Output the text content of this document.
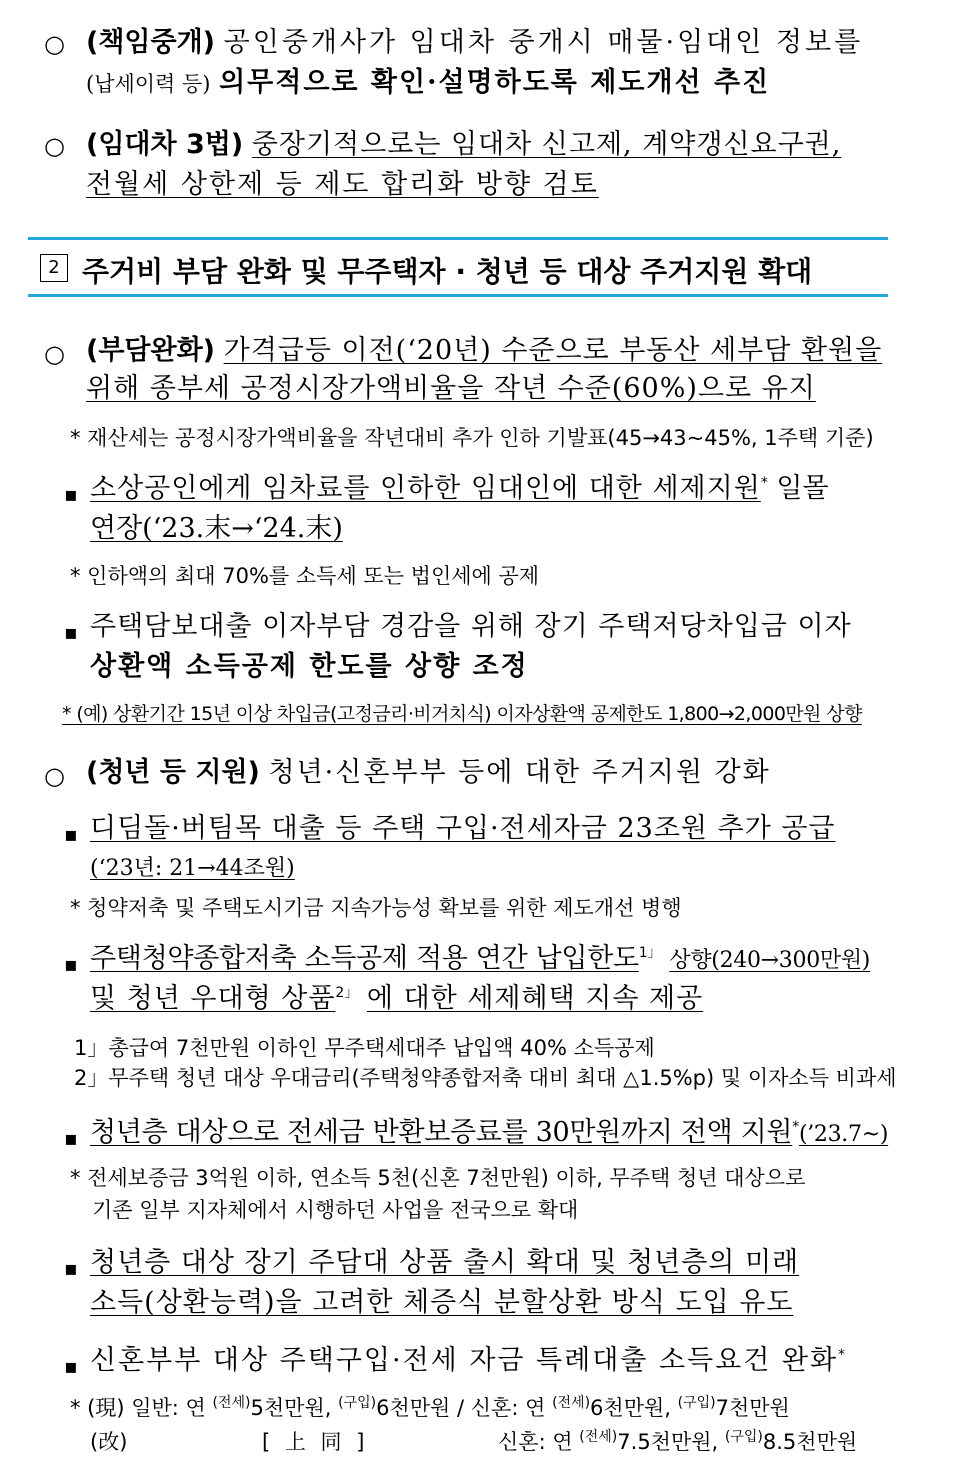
○ (책임중개) 공인중개사가 임대차 중개시 매물·임대인 정보를
(납세이력 등) 의무적으로 확인·설명하도록 제도개선 추진
○ (임대차 3법) 중장기적으로는 임대차 신고제, 계약갱신요구권,
전월세 상한제 등 제도 합리화 방향 검토
2 주거비 부담 완화 및 무주택자 · 청년 등 대상 주거지원 확대
○ (부담완화) 가격급등 이전(‘20년) 수준으로 부동산 세부담 환원을
위해 종부세 공정시장가액비율을 작년 수준(60%)으로 유지
* 재산세는 공정시장가액비율을 작년대비 추가 인하 기발표(45→43~45%, 1주택 기준)
▪ 소상공인에게 임차료를 인하한 임대인에 대한 세제지원* 일몰
연장(‘23.末→‘24.末)
* 인하액의 최대 70%를 소득세 또는 법인세에 공제
▪ 주택담보대출 이자부담 경감을 위해 장기 주택저당차입금 이자
상환액 소득공제 한도를 상향 조정
* (예) 상환기간 15년 이상 차입금(고정금리·비거치식) 이자상환액 공제한도 1,800→2,000만원 상향
○ (청년 등 지원) 청년·신혼부부 등에 대한 주거지원 강화
▪ 디딤돌·버팀목 대출 등 주택 구입·전세자금 23조원 추가 공급
(‘23년: 21→44조원)
* 청약저축 및 주택도시기금 지속가능성 확보를 위한 제도개선 병행
▪ 주택청약종합저축 소득공제 적용 연간 납입한도$^{1」}$ 상향(240→300만원)
및 청년 우대형 상품$^{2」}$ 에 대한 세제혜택 지속 제공
1」총급여 7천만원 이하인 무주택세대주 납입액 40% 소득공제
2」무주택 청년 대상 우대금리(주택청약종합저축 대비 최대 △1.5%p) 및 이자소득 비과세
▪ 청년층 대상으로 전세금 반환보증료를 30만원까지 전액 지원*(’23.7~)
* 전세보증금 3억원 이하, 연소득 5천(신혼 7천만원) 이하, 무주택 청년 대상으로
기존 일부 지자체에서 시행하던 사업을 전국으로 확대
▪ 청년층 대상 장기 주담대 상품 출시 확대 및 청년층의 미래
소득(상환능력)을 고려한 체증식 분할상환 방식 도입 유도
▪ 신혼부부 대상 주택구입·전세 자금 특례대출 소득요건 완화*
* (現) 일반: 연 $^{(전세)}$5천만원, $^{(구입)}$6천만원 / 신혼: 연 $^{(전세)}$6천만원, $^{(구입)}$7천만원
(改)	[ 上 同 ]	신혼: 연 $^{(전세)}$7.5천만원, $^{(구입)}$8.5천만원
